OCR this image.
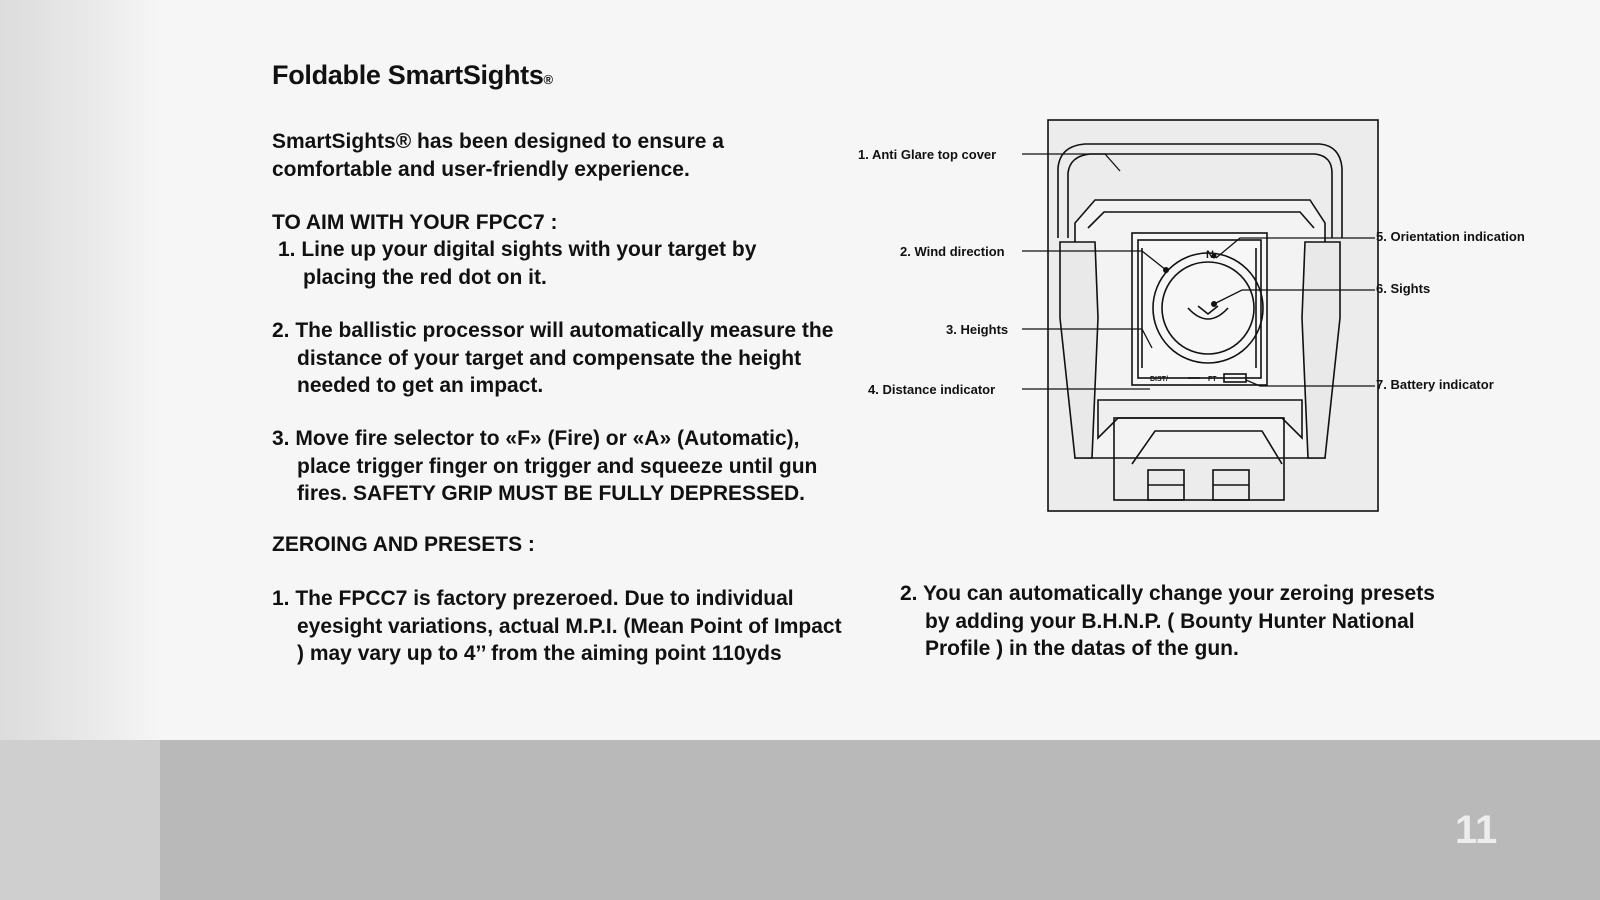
11
Foldable SmartSights®

SmartSights® has been designed to ensure a comfortable and user-friendly experience.

TO AIM WITH YOUR FPCC7 :
1. Line up your digital sights with your target by placing the red dot on it.
2. The ballistic processor will automatically measure the distance of your target and compensate the height needed to get an impact.
3. Move fire selector to «F» (Fire) or «A» (Automatic), place trigger finger on trigger and squeeze until gun fires. SAFETY GRIP MUST BE FULLY DEPRESSED.
ZEROING AND PRESETS :
1. The FPCC7 is factory prezeroed. Due to individual eyesight variations, actual M.P.I. (Mean Point of Impact ) may vary up to 4’’ from the aiming point 110yds
2. You can automatically change your zeroing presets by adding your B.H.N.P. ( Bounty Hunter National Profile ) in the datas of the gun.
N
DIST/	FT
1. Anti Glare top cover
2. Wind direction
3. Heights
4. Distance indicator
5. Orientation indication
6. Sights
7. Battery indicator
